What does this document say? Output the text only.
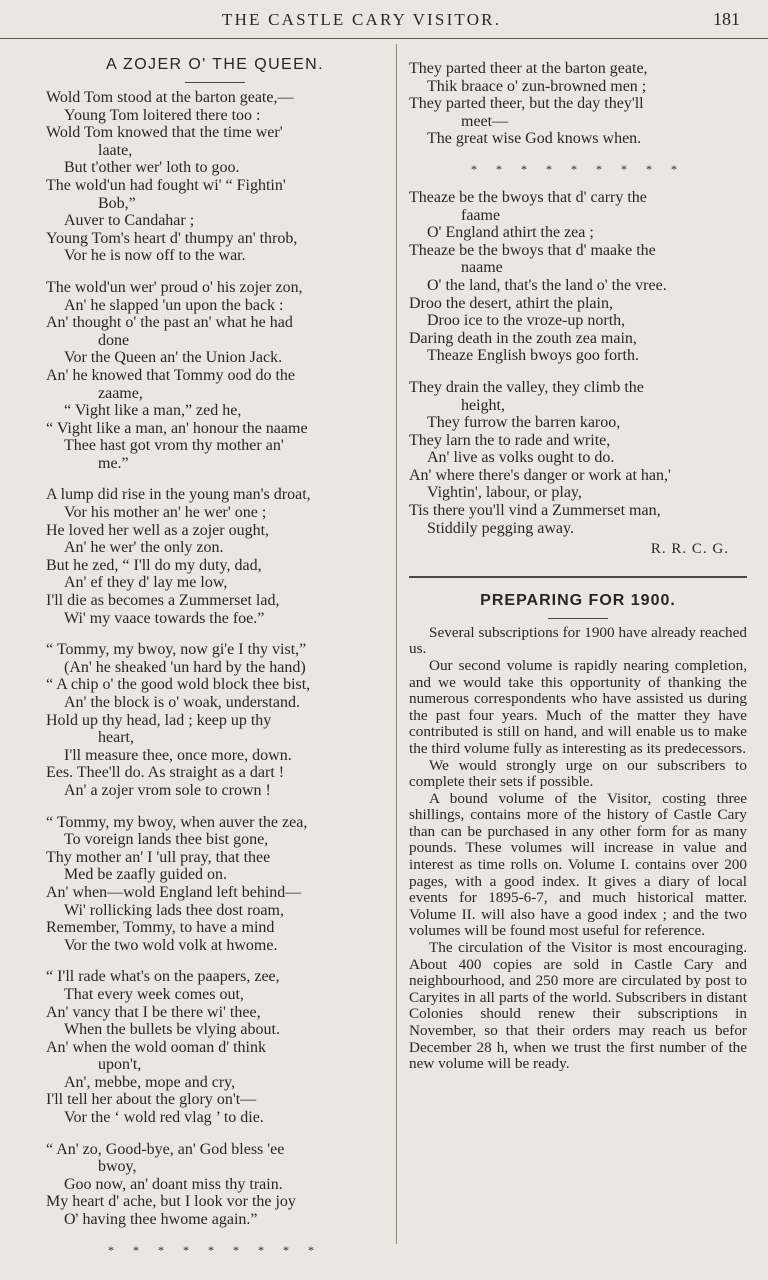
THE CASTLE CARY VISITOR.	181
A ZOJER O' THE QUEEN.
Wold Tom stood at the barton geate,—
Young Tom loitered there too :
Wold Tom knowed that the time wer'
laate,
But t'other wer' loth to goo.
The wold'un had fought wi' “ Fightin'
Bob,”
Auver to Candahar ;
Young Tom's heart d' thumpy an' throb,
Vor he is now off to the war.
The wold'un wer' proud o' his zojer zon,
An' he slapped 'un upon the back :
An' thought o' the past an' what he had
done
Vor the Queen an' the Union Jack.
An' he knowed that Tommy ood do the
zaame,
“ Vight like a man,” zed he,
“ Vight like a man, an' honour the naame
Thee hast got vrom thy mother an'
me.”
A lump did rise in the young man's droat,
Vor his mother an' he wer' one ;
He loved her well as a zojer ought,
An' he wer' the only zon.
But he zed, “ I'll do my duty, dad,
An' ef they d' lay me low,
I'll die as becomes a Zummerset lad,
Wi' my vaace towards the foe.”
“ Tommy, my bwoy, now gi'e I thy vist,”
(An' he sheaked 'un hard by the hand)
“ A chip o' the good wold block thee bist,
An' the block is o' woak, understand.
Hold up thy head, lad ; keep up thy
heart,
I'll measure thee, once more, down.
Ees. Thee'll do. As straight as a dart !
An' a zojer vrom sole to crown !
“ Tommy, my bwoy, when auver the zea,
To voreign lands thee bist gone,
Thy mother an' I 'ull pray, that thee
Med be zaafly guided on.
An' when—wold England left behind—
Wi' rollicking lads thee dost roam,
Remember, Tommy, to have a mind
Vor the two wold volk at hwome.
“ I'll rade what's on the paapers, zee,
That every week comes out,
An' vancy that I be there wi' thee,
When the bullets be vlying about.
An' when the wold ooman d' think
upon't,
An', mebbe, mope and cry,
I'll tell her about the glory on't—
Vor the ‘ wold red vlag ’ to die.
“ An' zo, Good-bye, an' God bless 'ee
bwoy,
Goo now, an' doant miss thy train.
My heart d' ache, but I look vor the joy
O' having thee hwome again.”
* * * * * * * * *
They parted theer at the barton geate,
Thik braace o' zun-browned men ;
They parted theer, but the day they'll
meet—
The great wise God knows when.
* * * * * * * * *
Theaze be the bwoys that d' carry the
faame
O' England athirt the zea ;
Theaze be the bwoys that d' maake the
naame
O' the land, that's the land o' the vree.
Droo the desert, athirt the plain,
Droo ice to the vroze-up north,
Daring death in the zouth zea main,
Theaze English bwoys goo forth.
They drain the valley, they climb the
height,
They furrow the barren karoo,
They larn the to rade and write,
An' live as volks ought to do.
An' where there's danger or work at han,'
Vightin', labour, or play,
Tis there you'll vind a Zummerset man,
Stiddily pegging away.
R. R. C. G.
PREPARING FOR 1900.

Several subscriptions for 1900 have already reached us.

Our second volume is rapidly nearing completion, and we would take this opportunity of thanking the numerous correspondents who have assisted us during the past four years. Much of the matter they have contributed is still on hand, and will enable us to make the third volume fully as interesting as its predecessors.

We would strongly urge on our subscribers to complete their sets if possible.

A bound volume of the Visitor, costing three shillings, contains more of the history of Castle Cary than can be purchased in any other form for as many pounds. These volumes will increase in value and interest as time rolls on. Volume I. contains over 200 pages, with a good index. It gives a diary of local events for 1895-6-7, and much historical matter. Volume II. will also have a good index ; and the two volumes will be found most useful for reference.

The circulation of the Visitor is most encouraging. About 400 copies are sold in Castle Cary and neighbourhood, and 250 more are circulated by post to Caryites in all parts of the world. Subscribers in distant Colonies should renew their subscriptions in November, so that their orders may reach us befor December 28 h, when we trust the first number of the new volume will be ready.
